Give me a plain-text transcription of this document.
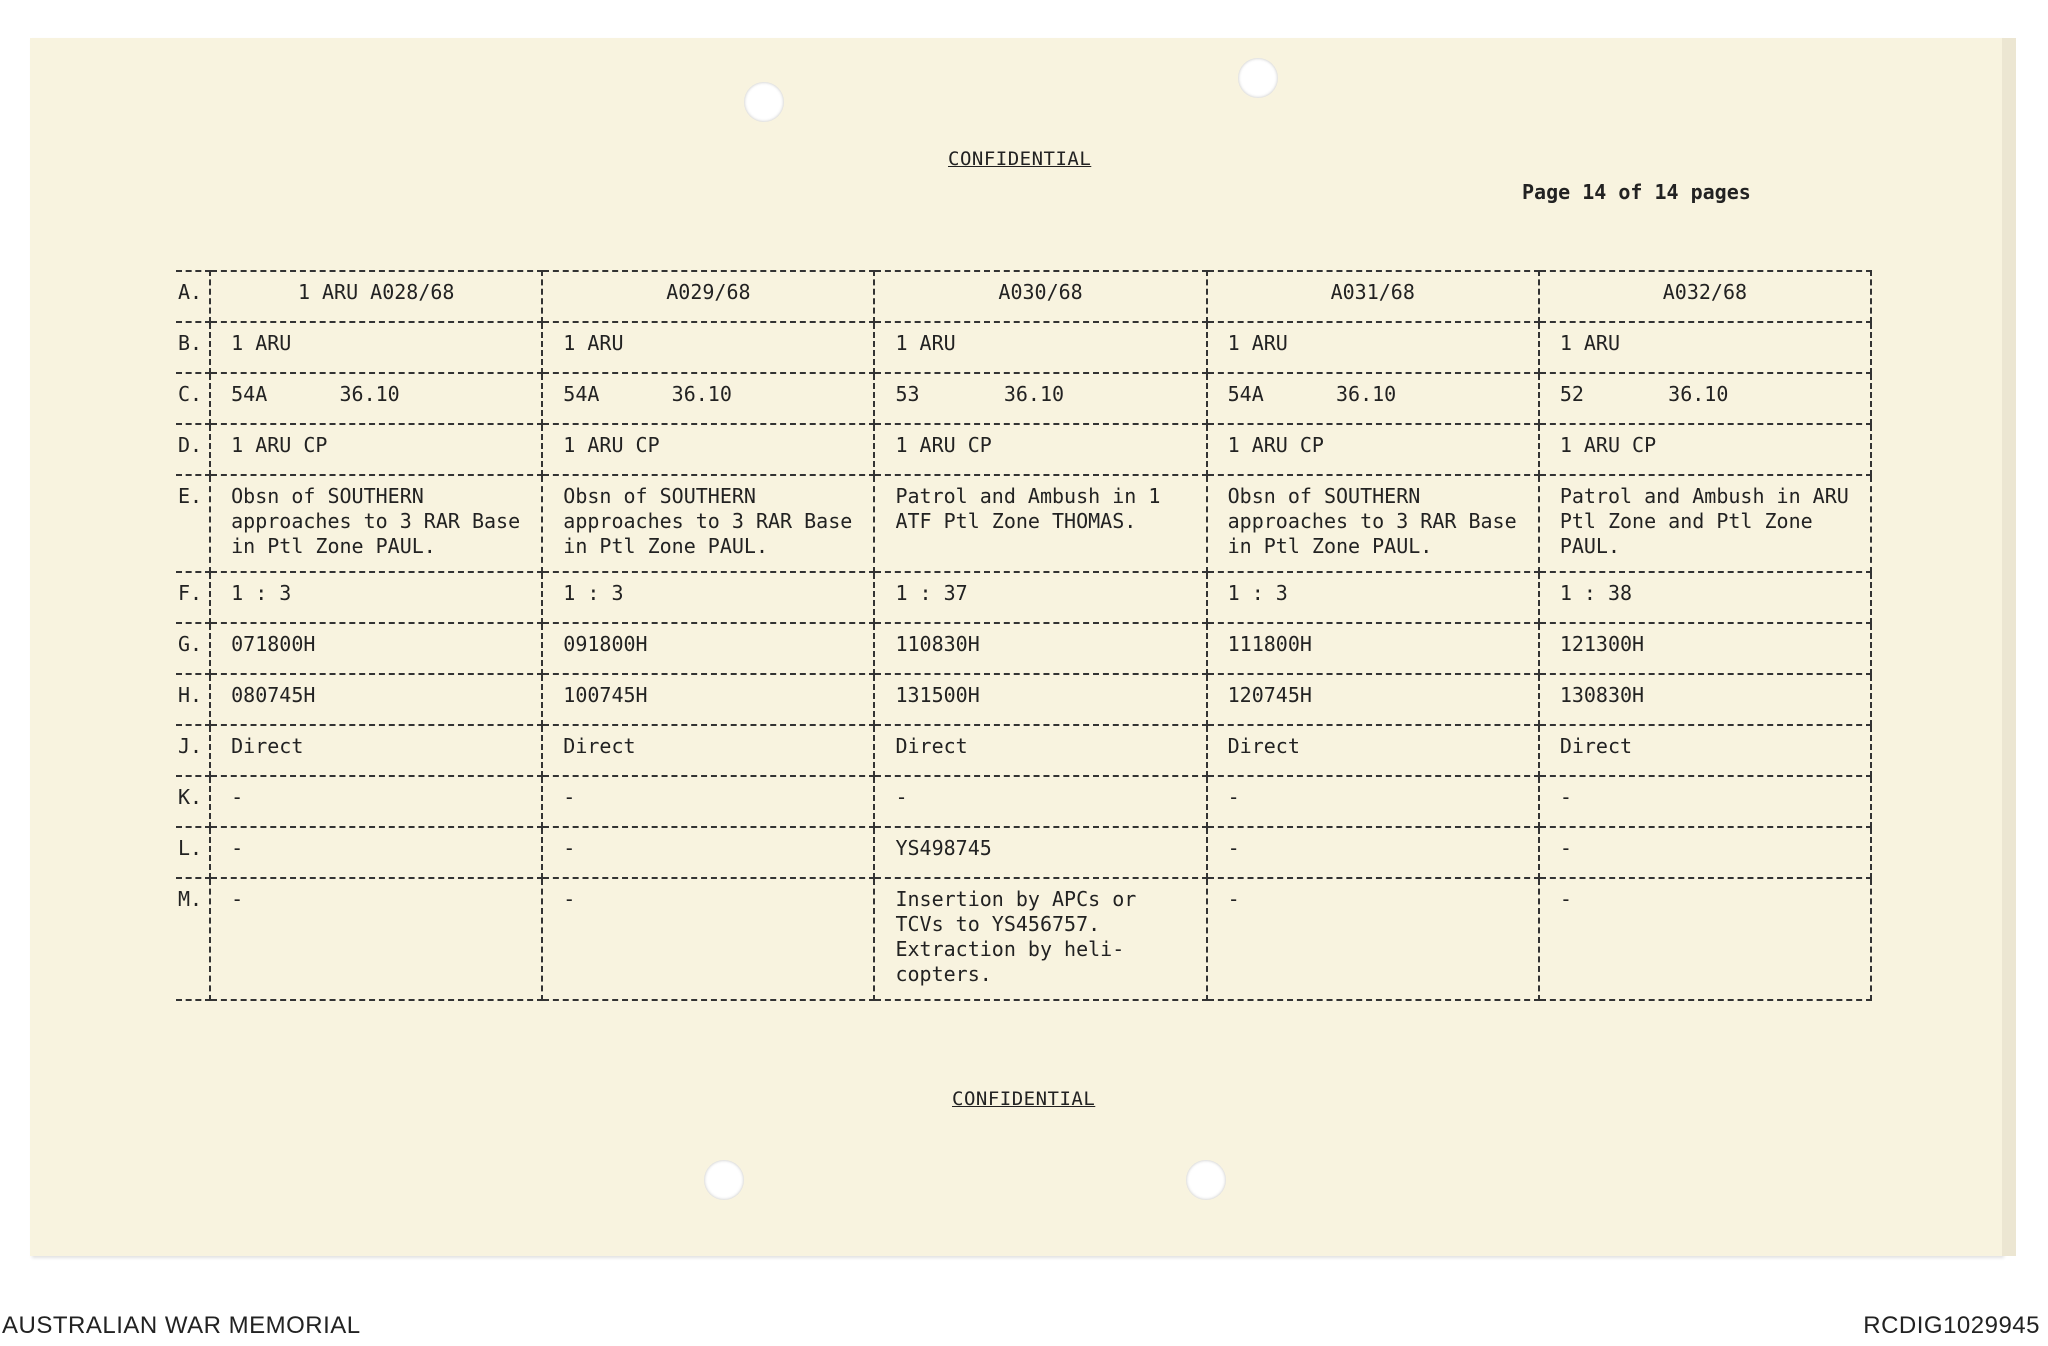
CONFIDENTIAL
Page 14 of 14 pages
A.	1 ARU A028/68	A029/68	A030/68	A031/68	A032/68
B.	1 ARU	1 ARU	1 ARU	1 ARU	1 ARU
C.	54A      36.10	54A      36.10	53       36.10	54A      36.10	52       36.10
D.	1 ARU CP	1 ARU CP	1 ARU CP	1 ARU CP	1 ARU CP
E.	Obsn of SOUTHERN approaches to 3 RAR Base in Ptl Zone PAUL.	Obsn of SOUTHERN approaches to 3 RAR Base in Ptl Zone PAUL.	Patrol and Ambush in 1 ATF Ptl Zone THOMAS.	Obsn of SOUTHERN approaches to 3 RAR Base in Ptl Zone PAUL.	Patrol and Ambush in ARU Ptl Zone and Ptl Zone PAUL.
F.	1 : 3	1 : 3	1 : 37	1 : 3	1 : 38
G.	071800H	091800H	110830H	111800H	121300H
H.	080745H	100745H	131500H	120745H	130830H
J.	Direct	Direct	Direct	Direct	Direct
K.	-	-	-	-	-
L.	-	-	YS498745	-	-
M.	-	-	Insertion by APCs or TCVs to YS456757. Extraction by heli- copters.	-	-
CONFIDENTIAL
AUSTRALIAN WAR MEMORIAL	RCDIG1029945
